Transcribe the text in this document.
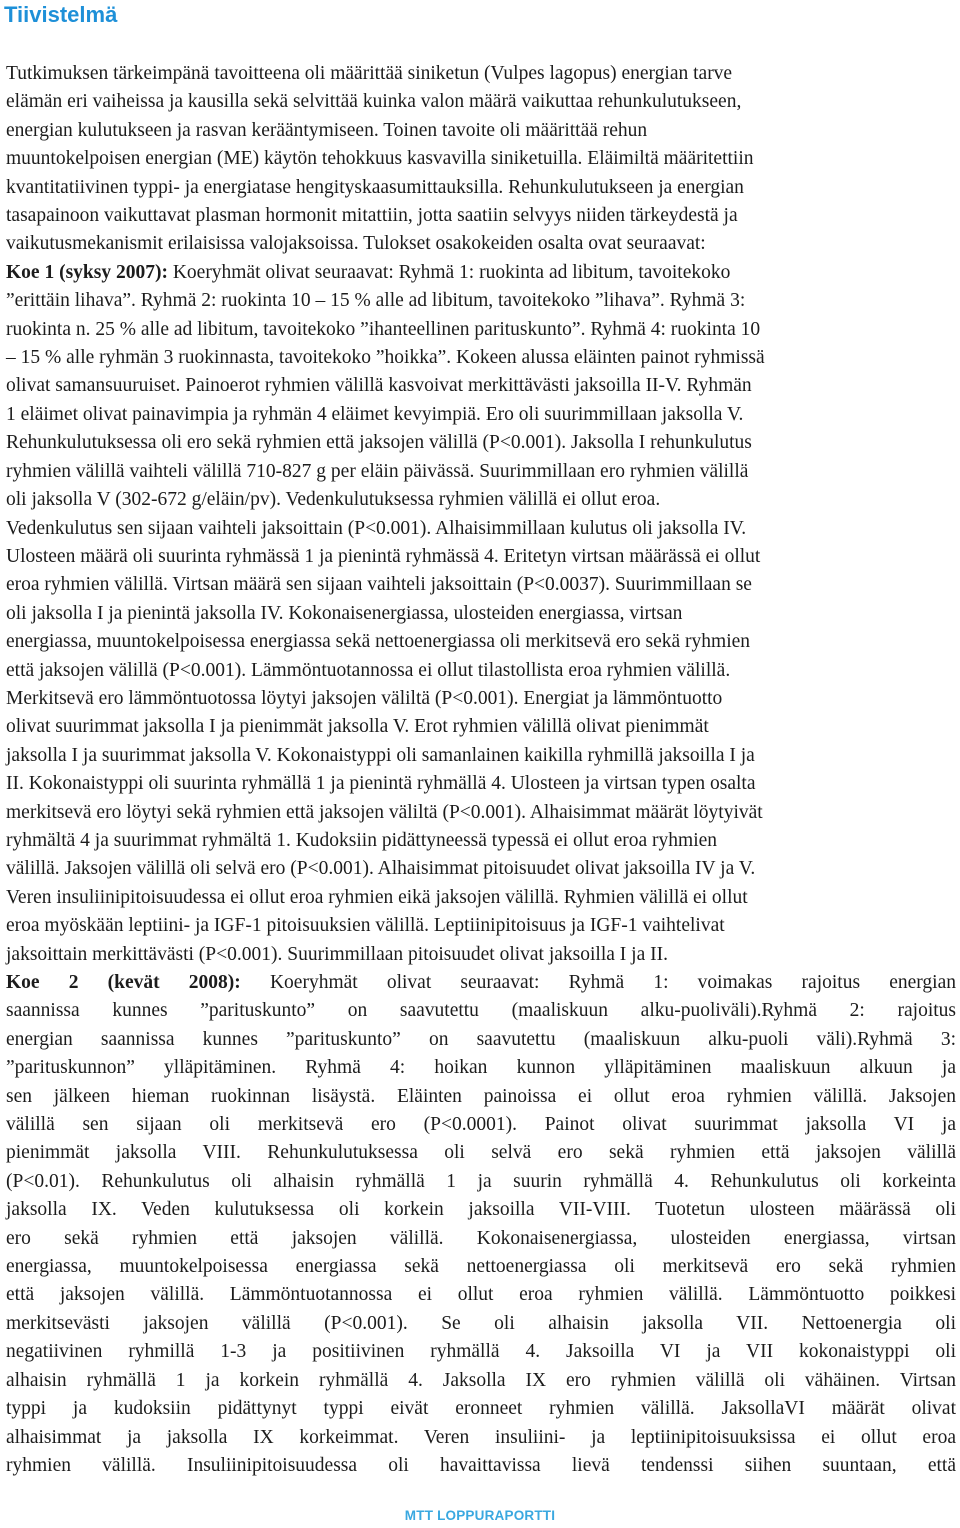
Tiivistelmä
Tutkimuksen tärkeimpänä tavoitteena oli määrittää siniketun (Vulpes lagopus) energian tarve
elämän eri vaiheissa ja kausilla sekä selvittää kuinka valon määrä vaikuttaa rehunkulutukseen,
energian kulutukseen ja rasvan kerääntymiseen. Toinen tavoite oli määrittää rehun
muuntokelpoisen energian (ME) käytön tehokkuus kasvavilla siniketuilla. Eläimiltä määritettiin
kvantitatiivinen typpi- ja energiatase hengityskaasumittauksilla. Rehunkulutukseen ja energian
tasapainoon vaikuttavat plasman hormonit mitattiin, jotta saatiin selvyys niiden tärkeydestä ja
vaikutusmekanismit erilaisissa valojaksoissa. Tulokset osakokeiden osalta ovat seuraavat:
Koe 1 (syksy 2007): Koeryhmät olivat seuraavat: Ryhmä 1: ruokinta ad libitum, tavoitekoko
”erittäin lihava”. Ryhmä 2: ruokinta 10 – 15 % alle ad libitum, tavoitekoko ”lihava”. Ryhmä 3:
ruokinta n. 25 % alle ad libitum, tavoitekoko ”ihanteellinen parituskunto”. Ryhmä 4: ruokinta 10
– 15 % alle ryhmän 3 ruokinnasta, tavoitekoko ”hoikka”. Kokeen alussa eläinten painot ryhmissä
olivat samansuuruiset. Painoerot ryhmien välillä kasvoivat merkittävästi jaksoilla II-V. Ryhmän
1 eläimet olivat painavimpia ja ryhmän 4 eläimet kevyimpiä. Ero oli suurimmillaan jaksolla V.
Rehunkulutuksessa oli ero sekä ryhmien että jaksojen välillä (P<0.001). Jaksolla I rehunkulutus
ryhmien välillä vaihteli välillä 710-827 g per eläin päivässä. Suurimmillaan ero ryhmien välillä
oli jaksolla V (302-672 g/eläin/pv). Vedenkulutuksessa ryhmien välillä ei ollut eroa.
Vedenkulutus sen sijaan vaihteli jaksoittain (P<0.001). Alhaisimmillaan kulutus oli jaksolla IV.
Ulosteen määrä oli suurinta ryhmässä 1 ja pienintä ryhmässä 4. Eritetyn virtsan määrässä ei ollut
eroa ryhmien välillä. Virtsan määrä sen sijaan vaihteli jaksoittain (P<0.0037). Suurimmillaan se
oli jaksolla I ja pienintä jaksolla IV. Kokonaisenergiassa, ulosteiden energiassa, virtsan
energiassa, muuntokelpoisessa energiassa sekä nettoenergiassa oli merkitsevä ero sekä ryhmien
että jaksojen välillä (P<0.001). Lämmöntuotannossa ei ollut tilastollista eroa ryhmien välillä.
Merkitsevä ero lämmöntuotossa löytyi jaksojen väliltä (P<0.001). Energiat ja lämmöntuotto
olivat suurimmat jaksolla I ja pienimmät jaksolla V. Erot ryhmien välillä olivat pienimmät
jaksolla I ja suurimmat jaksolla V. Kokonaistyppi oli samanlainen kaikilla ryhmillä jaksoilla I ja
II. Kokonaistyppi oli suurinta ryhmällä 1 ja pienintä ryhmällä 4. Ulosteen ja virtsan typen osalta
merkitsevä ero löytyi sekä ryhmien että jaksojen väliltä (P<0.001). Alhaisimmat määrät löytyivät
ryhmältä 4 ja suurimmat ryhmältä 1. Kudoksiin pidättyneessä typessä ei ollut eroa ryhmien
välillä. Jaksojen välillä oli selvä ero (P<0.001). Alhaisimmat pitoisuudet olivat jaksoilla IV ja V.
Veren insuliinipitoisuudessa ei ollut eroa ryhmien eikä jaksojen välillä. Ryhmien välillä ei ollut
eroa myöskään leptiini- ja IGF-1 pitoisuuksien välillä. Leptiinipitoisuus ja IGF-1 vaihtelivat
jaksoittain merkittävästi (P<0.001). Suurimmillaan pitoisuudet olivat jaksoilla I ja II.
Koe 2 (kevät 2008): Koeryhmät olivat seuraavat: Ryhmä 1: voimakas rajoitus energian
saannissa kunnes ”parituskunto” on saavutettu (maaliskuun alku-puoliväli).Ryhmä 2: rajoitus
energian saannissa kunnes ”parituskunto” on saavutettu (maaliskuun alku-puoli väli).Ryhmä 3:
”parituskunnon” ylläpitäminen. Ryhmä 4: hoikan kunnon ylläpitäminen maaliskuun alkuun ja
sen jälkeen hieman ruokinnan lisäystä. Eläinten painoissa ei ollut eroa ryhmien välillä. Jaksojen
välillä sen sijaan oli merkitsevä ero (P<0.0001). Painot olivat suurimmat jaksolla VI ja
pienimmät jaksolla VIII. Rehunkulutuksessa oli selvä ero sekä ryhmien että jaksojen välillä
(P<0.01). Rehunkulutus oli alhaisin ryhmällä 1 ja suurin ryhmällä 4. Rehunkulutus oli korkeinta
jaksolla IX. Veden kulutuksessa oli korkein jaksoilla VII-VIII. Tuotetun ulosteen määrässä oli
ero sekä ryhmien että jaksojen välillä. Kokonaisenergiassa, ulosteiden energiassa, virtsan
energiassa, muuntokelpoisessa energiassa sekä nettoenergiassa oli merkitsevä ero sekä ryhmien
että jaksojen välillä. Lämmöntuotannossa ei ollut eroa ryhmien välillä. Lämmöntuotto poikkesi
merkitsevästi jaksojen välillä (P<0.001). Se oli alhaisin jaksolla VII. Nettoenergia oli
negatiivinen ryhmillä 1-3 ja positiivinen ryhmällä 4. Jaksoilla VI ja VII kokonaistyppi oli
alhaisin ryhmällä 1 ja korkein ryhmällä 4. Jaksolla IX ero ryhmien välillä oli vähäinen. Virtsan
typpi ja kudoksiin pidättynyt typpi eivät eronneet ryhmien välillä. JaksollaVI määrät olivat
alhaisimmat ja jaksolla IX korkeimmat. Veren insuliini- ja leptiinipitoisuuksissa ei ollut eroa
ryhmien välillä. Insuliinipitoisuudessa oli havaittavissa lievä tendenssi siihen suuntaan, että
MTT LOPPURAPORTTI
